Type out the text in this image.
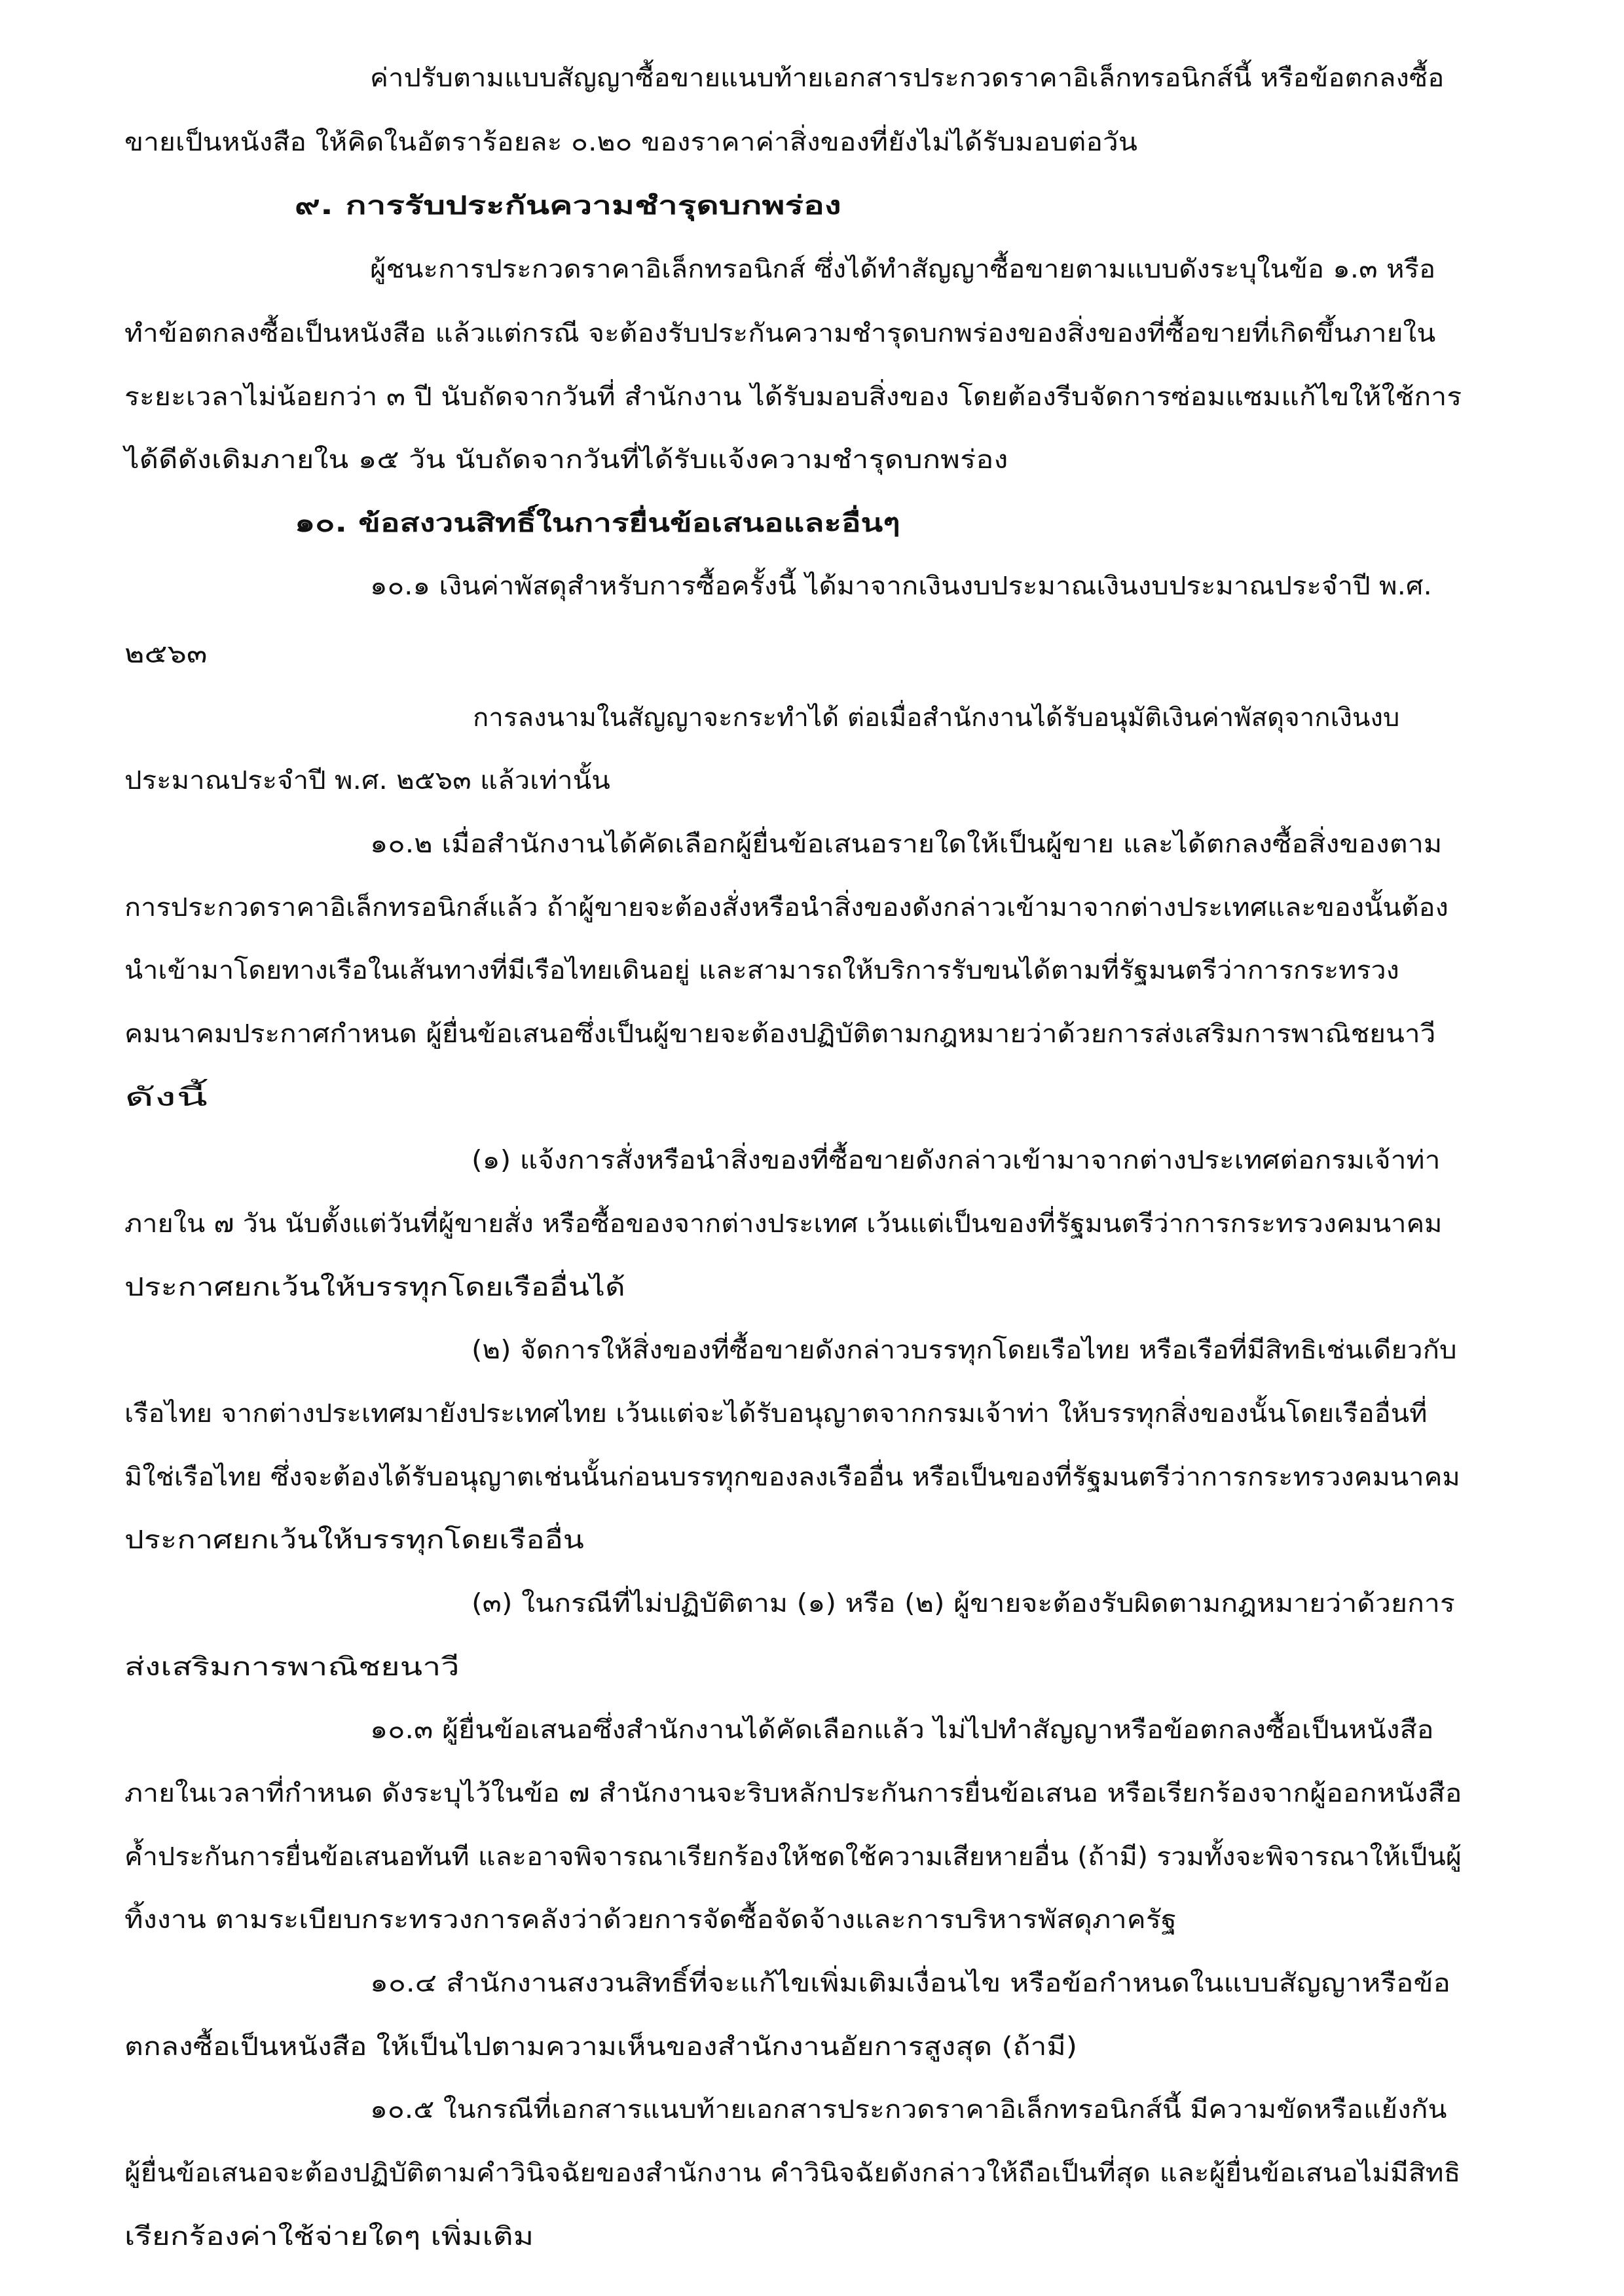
ค่าปรับตามแบบสัญญาซื้อขายแนบท้ายเอกสารประกวดราคาอิเล็กทรอนิกส์นี้ หรือข้อตกลงซื้อ
ขายเป็นหนังสือ ให้คิดในอัตราร้อยละ ๐.๒๐ ของราคาค่าสิ่งของที่ยังไม่ได้รับมอบต่อวัน
๙. การรับประกันความชำรุดบกพร่อง
ผู้ชนะการประกวดราคาอิเล็กทรอนิกส์ ซึ่งได้ทำสัญญาซื้อขายตามแบบดังระบุในข้อ ๑.๓ หรือ
ทำข้อตกลงซื้อเป็นหนังสือ แล้วแต่กรณี จะต้องรับประกันความชำรุดบกพร่องของสิ่งของที่ซื้อขายที่เกิดขึ้นภายใน
ระยะเวลาไม่น้อยกว่า ๓ ปี นับถัดจากวันที่ สำนักงาน ได้รับมอบสิ่งของ โดยต้องรีบจัดการซ่อมแซมแก้ไขให้ใช้การ
ได้ดีดังเดิมภายใน ๑๕ วัน นับถัดจากวันที่ได้รับแจ้งความชำรุดบกพร่อง
๑๐. ข้อสงวนสิทธิ์ในการยื่นข้อเสนอและอื่นๆ
๑๐.๑ เงินค่าพัสดุสำหรับการซื้อครั้งนี้ ได้มาจากเงินงบประมาณเงินงบประมาณประจำปี พ.ศ.
๒๕๖๓
การลงนามในสัญญาจะกระทำได้ ต่อเมื่อสำนักงานได้รับอนุมัติเงินค่าพัสดุจากเงินงบ
ประมาณประจำปี พ.ศ. ๒๕๖๓ แล้วเท่านั้น
๑๐.๒ เมื่อสำนักงานได้คัดเลือกผู้ยื่นข้อเสนอรายใดให้เป็นผู้ขาย และได้ตกลงซื้อสิ่งของตาม
การประกวดราคาอิเล็กทรอนิกส์แล้ว ถ้าผู้ขายจะต้องสั่งหรือนำสิ่งของดังกล่าวเข้ามาจากต่างประเทศและของนั้นต้อง
นำเข้ามาโดยทางเรือในเส้นทางที่มีเรือไทยเดินอยู่ และสามารถให้บริการรับขนได้ตามที่รัฐมนตรีว่าการกระทรวง
คมนาคมประกาศกำหนด ผู้ยื่นข้อเสนอซึ่งเป็นผู้ขายจะต้องปฏิบัติตามกฎหมายว่าด้วยการส่งเสริมการพาณิชยนาวี
ดังนี้
(๑) แจ้งการสั่งหรือนำสิ่งของที่ซื้อขายดังกล่าวเข้ามาจากต่างประเทศต่อกรมเจ้าท่า
ภายใน ๗ วัน นับตั้งแต่วันที่ผู้ขายสั่ง หรือซื้อของจากต่างประเทศ เว้นแต่เป็นของที่รัฐมนตรีว่าการกระทรวงคมนาคม
ประกาศยกเว้นให้บรรทุกโดยเรืออื่นได้
(๒) จัดการให้สิ่งของที่ซื้อขายดังกล่าวบรรทุกโดยเรือไทย หรือเรือที่มีสิทธิเช่นเดียวกับ
เรือไทย จากต่างประเทศมายังประเทศไทย เว้นแต่จะได้รับอนุญาตจากกรมเจ้าท่า ให้บรรทุกสิ่งของนั้นโดยเรืออื่นที่
มิใช่เรือไทย ซึ่งจะต้องได้รับอนุญาตเช่นนั้นก่อนบรรทุกของลงเรืออื่น หรือเป็นของที่รัฐมนตรีว่าการกระทรวงคมนาคม
ประกาศยกเว้นให้บรรทุกโดยเรืออื่น
(๓) ในกรณีที่ไม่ปฏิบัติตาม (๑) หรือ (๒) ผู้ขายจะต้องรับผิดตามกฎหมายว่าด้วยการ
ส่งเสริมการพาณิชยนาวี
๑๐.๓ ผู้ยื่นข้อเสนอซึ่งสำนักงานได้คัดเลือกแล้ว ไม่ไปทำสัญญาหรือข้อตกลงซื้อเป็นหนังสือ
ภายในเวลาที่กำหนด ดังระบุไว้ในข้อ ๗ สำนักงานจะริบหลักประกันการยื่นข้อเสนอ หรือเรียกร้องจากผู้ออกหนังสือ
ค้ำประกันการยื่นข้อเสนอทันที และอาจพิจารณาเรียกร้องให้ชดใช้ความเสียหายอื่น (ถ้ามี) รวมทั้งจะพิจารณาให้เป็นผู้
ทิ้งงาน ตามระเบียบกระทรวงการคลังว่าด้วยการจัดซื้อจัดจ้างและการบริหารพัสดุภาครัฐ
๑๐.๔ สำนักงานสงวนสิทธิ์ที่จะแก้ไขเพิ่มเติมเงื่อนไข หรือข้อกำหนดในแบบสัญญาหรือข้อ
ตกลงซื้อเป็นหนังสือ ให้เป็นไปตามความเห็นของสำนักงานอัยการสูงสุด (ถ้ามี)
๑๐.๕ ในกรณีที่เอกสารแนบท้ายเอกสารประกวดราคาอิเล็กทรอนิกส์นี้ มีความขัดหรือแย้งกัน
ผู้ยื่นข้อเสนอจะต้องปฏิบัติตามคำวินิจฉัยของสำนักงาน คำวินิจฉัยดังกล่าวให้ถือเป็นที่สุด และผู้ยื่นข้อเสนอไม่มีสิทธิ
เรียกร้องค่าใช้จ่ายใดๆ เพิ่มเติม
